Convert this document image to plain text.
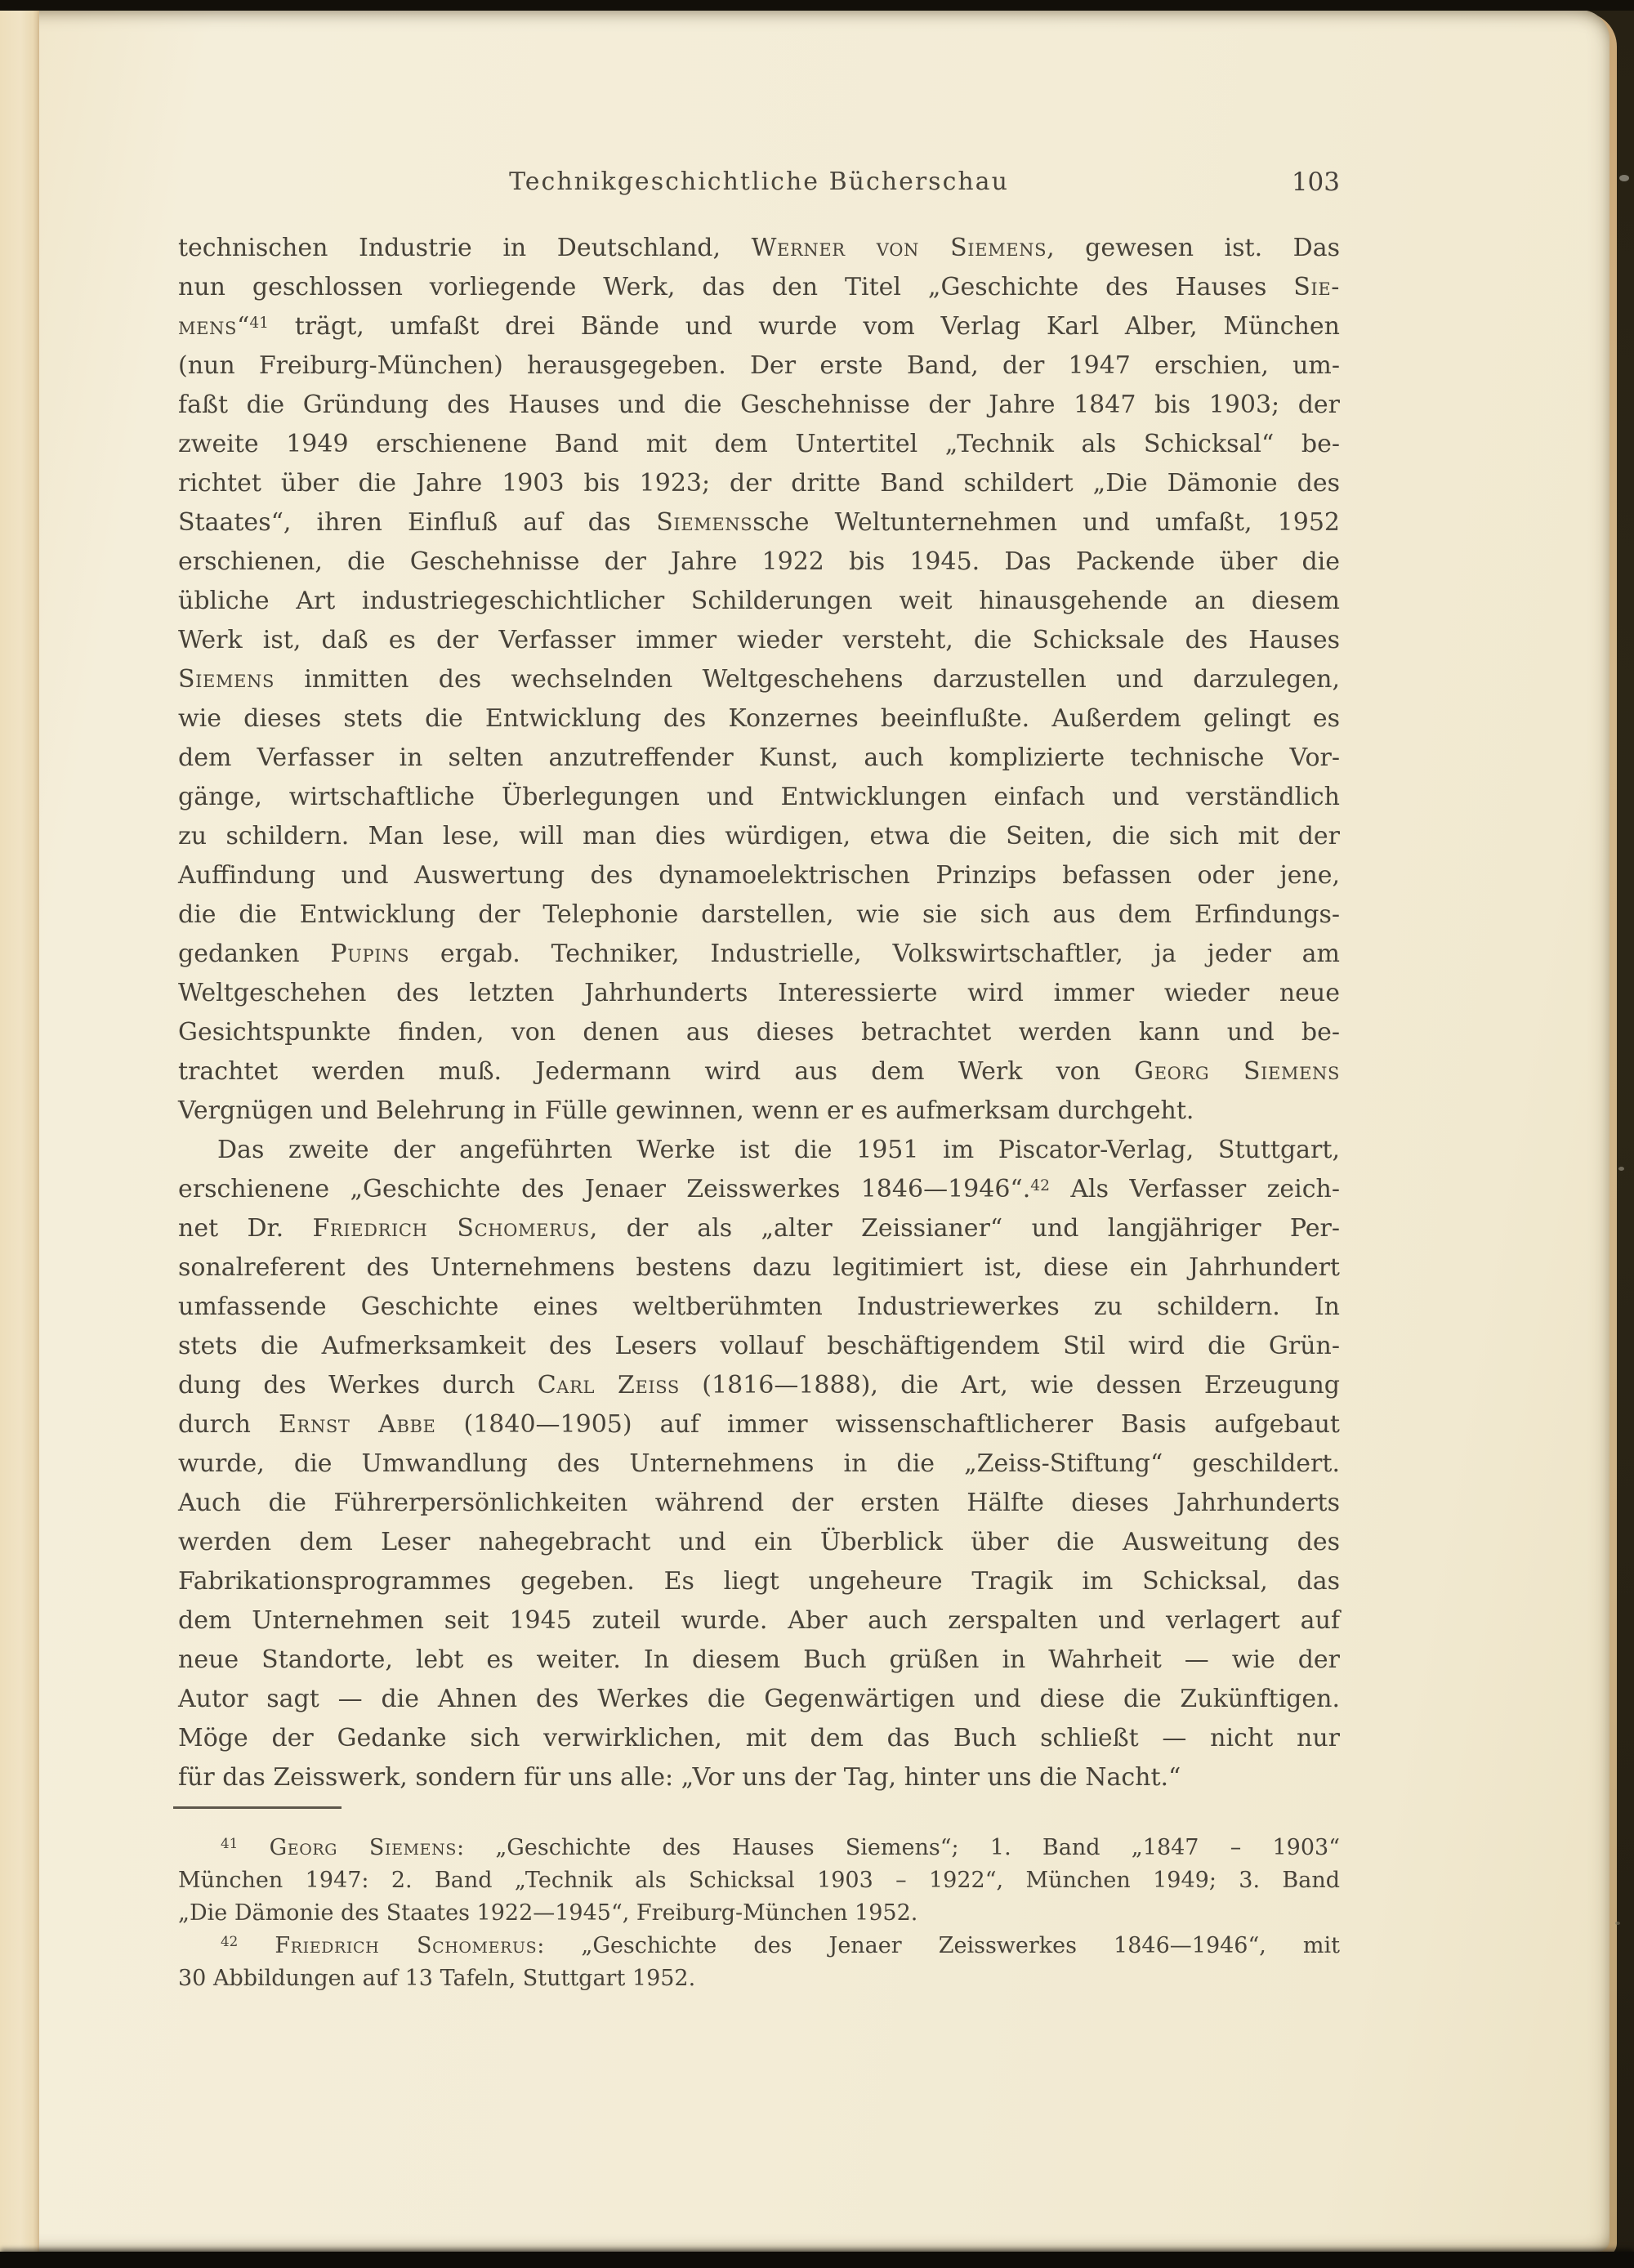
Technikgeschichtliche Bücherschau	103
technischen Industrie in Deutschland, Werner von Siemens, gewesen ist. Das
nun geschlossen vorliegende Werk, das den Titel „Geschichte des Hauses Sie-
mens“$^{41}$ trägt, umfaßt drei Bände und wurde vom Verlag Karl Alber, München
(nun Freiburg-München) herausgegeben. Der erste Band, der 1947 erschien, um-
faßt die Gründung des Hauses und die Geschehnisse der Jahre 1847 bis 1903; der
zweite 1949 erschienene Band mit dem Untertitel „Technik als Schicksal“ be-
richtet über die Jahre 1903 bis 1923; der dritte Band schildert „Die Dämonie des
Staates“, ihren Einfluß auf das Siemenssche Weltunternehmen und umfaßt, 1952
erschienen, die Geschehnisse der Jahre 1922 bis 1945. Das Packende über die
übliche Art industriegeschichtlicher Schilderungen weit hinausgehende an diesem
Werk ist, daß es der Verfasser immer wieder versteht, die Schicksale des Hauses
Siemens inmitten des wechselnden Weltgeschehens darzustellen und darzulegen,
wie dieses stets die Entwicklung des Konzernes beeinflußte. Außerdem gelingt es
dem Verfasser in selten anzutreffender Kunst, auch komplizierte technische Vor-
gänge, wirtschaftliche Überlegungen und Entwicklungen einfach und verständlich
zu schildern. Man lese, will man dies würdigen, etwa die Seiten, die sich mit der
Auffindung und Auswertung des dynamoelektrischen Prinzips befassen oder jene,
die die Entwicklung der Telephonie darstellen, wie sie sich aus dem Erfindungs-
gedanken Pupins ergab. Techniker, Industrielle, Volkswirtschaftler, ja jeder am
Weltgeschehen des letzten Jahrhunderts Interessierte wird immer wieder neue
Gesichtspunkte finden, von denen aus dieses betrachtet werden kann und be-
trachtet werden muß. Jedermann wird aus dem Werk von Georg Siemens
Vergnügen und Belehrung in Fülle gewinnen, wenn er es aufmerksam durchgeht.
Das zweite der angeführten Werke ist die 1951 im Piscator-Verlag, Stuttgart,
erschienene „Geschichte des Jenaer Zeisswerkes 1846—1946“.$^{42}$ Als Verfasser zeich-
net Dr. Friedrich Schomerus, der als „alter Zeissianer“ und langjähriger Per-
sonalreferent des Unternehmens bestens dazu legitimiert ist, diese ein Jahrhundert
umfassende Geschichte eines weltberühmten Industriewerkes zu schildern. In
stets die Aufmerksamkeit des Lesers vollauf beschäftigendem Stil wird die Grün-
dung des Werkes durch Carl Zeiss (1816—1888), die Art, wie dessen Erzeugung
durch Ernst Abbe (1840—1905) auf immer wissenschaftlicherer Basis aufgebaut
wurde, die Umwandlung des Unternehmens in die „Zeiss-Stiftung“ geschildert.
Auch die Führerpersönlichkeiten während der ersten Hälfte dieses Jahrhunderts
werden dem Leser nahegebracht und ein Überblick über die Ausweitung des
Fabrikationsprogrammes gegeben. Es liegt ungeheure Tragik im Schicksal, das
dem Unternehmen seit 1945 zuteil wurde. Aber auch zerspalten und verlagert auf
neue Standorte, lebt es weiter. In diesem Buch grüßen in Wahrheit — wie der
Autor sagt — die Ahnen des Werkes die Gegenwärtigen und diese die Zukünftigen.
Möge der Gedanke sich verwirklichen, mit dem das Buch schließt — nicht nur
für das Zeisswerk, sondern für uns alle: „Vor uns der Tag, hinter uns die Nacht.“
$^{41}$ Georg Siemens: „Geschichte des Hauses Siemens“; 1. Band „1847 – 1903“
München 1947: 2. Band „Technik als Schicksal 1903 – 1922“, München 1949; 3. Band
„Die Dämonie des Staates 1922—1945“, Freiburg-München 1952.
$^{42}$ Friedrich Schomerus: „Geschichte des Jenaer Zeisswerkes 1846—1946“, mit
30 Abbildungen auf 13 Tafeln, Stuttgart 1952.
